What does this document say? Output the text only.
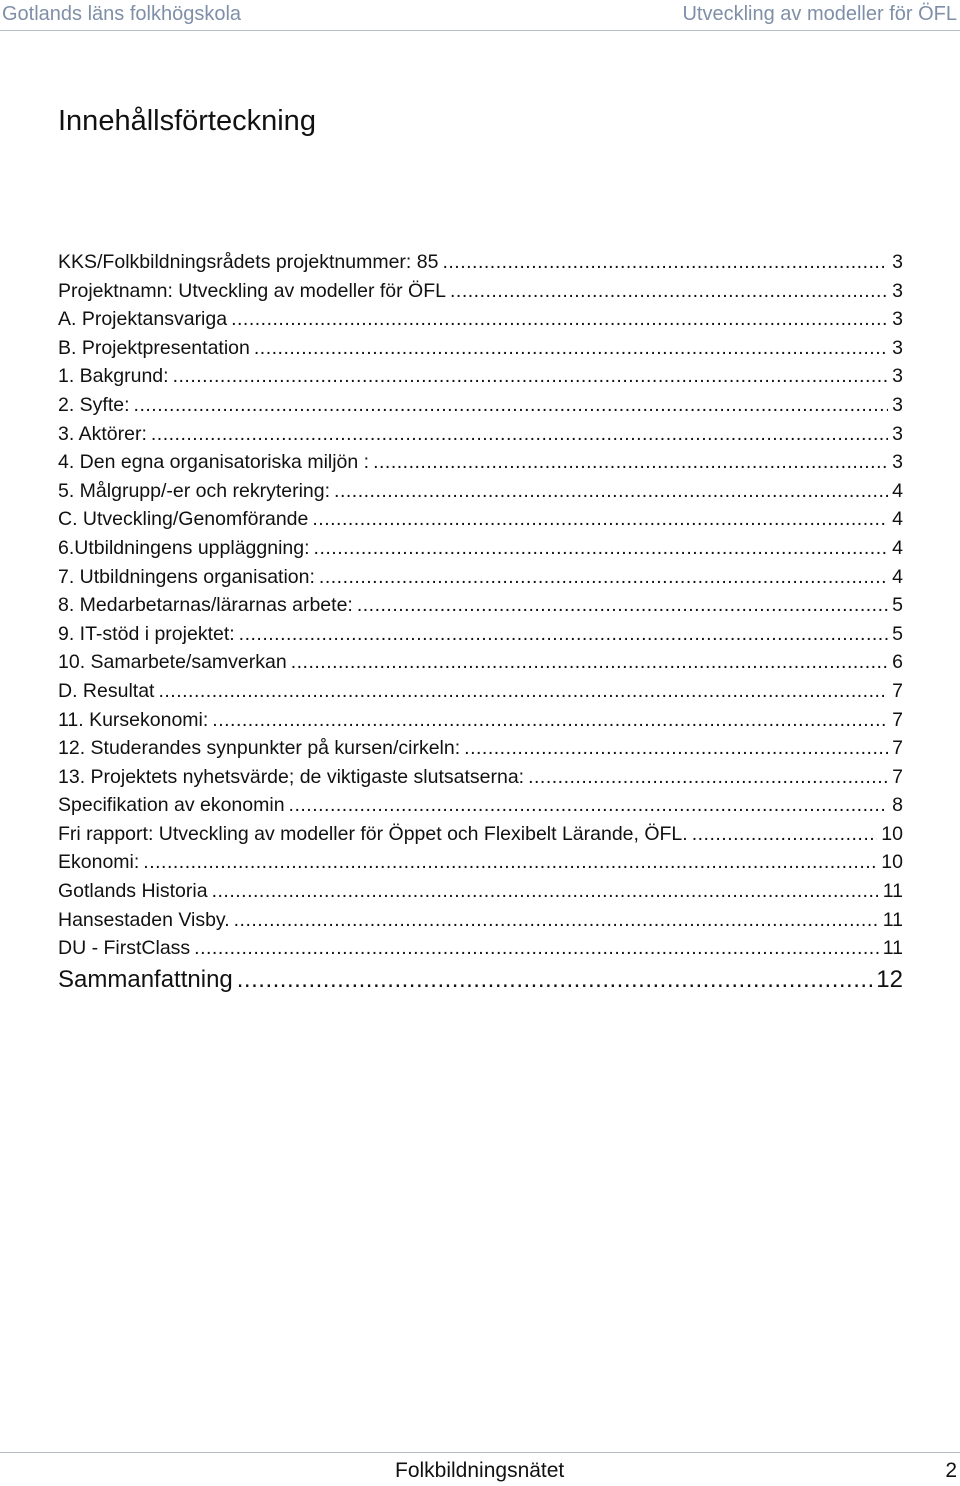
Gotlands läns folkhögskola	Utveckling av modeller för ÖFL
Innehållsförteckning
KKS/Folkbildningsrådets projektnummer: 85 .....	3
Projektnamn: Utveckling av modeller för ÖFL .....	3
A. Projektansvariga .....	3
B. Projektpresentation .....	3
1. Bakgrund: .....	3
2. Syfte: .....	3
3. Aktörer: .....	3
4. Den egna organisatoriska miljön : .....	3
5. Målgrupp/-er och rekrytering: .....	4
C. Utveckling/Genomförande .....	4
6.Utbildningens uppläggning: .....	4
7. Utbildningens organisation: .....	4
8. Medarbetarnas/lärarnas arbete: .....	5
9. IT-stöd i projektet: .....	5
10. Samarbete/samverkan .....	6
D. Resultat .....	7
11. Kursekonomi: .....	7
12. Studerandes synpunkter på kursen/cirkeln: .....	7
13. Projektets nyhetsvärde; de viktigaste slutsatserna: .....	7
Specifikation av ekonomin .....	8
Fri rapport: Utveckling av modeller för Öppet och Flexibelt Lärande, ÖFL. .....	10
Ekonomi: .....	10
Gotlands Historia .....	11
Hansestaden Visby. .....	11
DU - FirstClass .....	11
Sammanfattning .....	12
Folkbildningsnätet	2
